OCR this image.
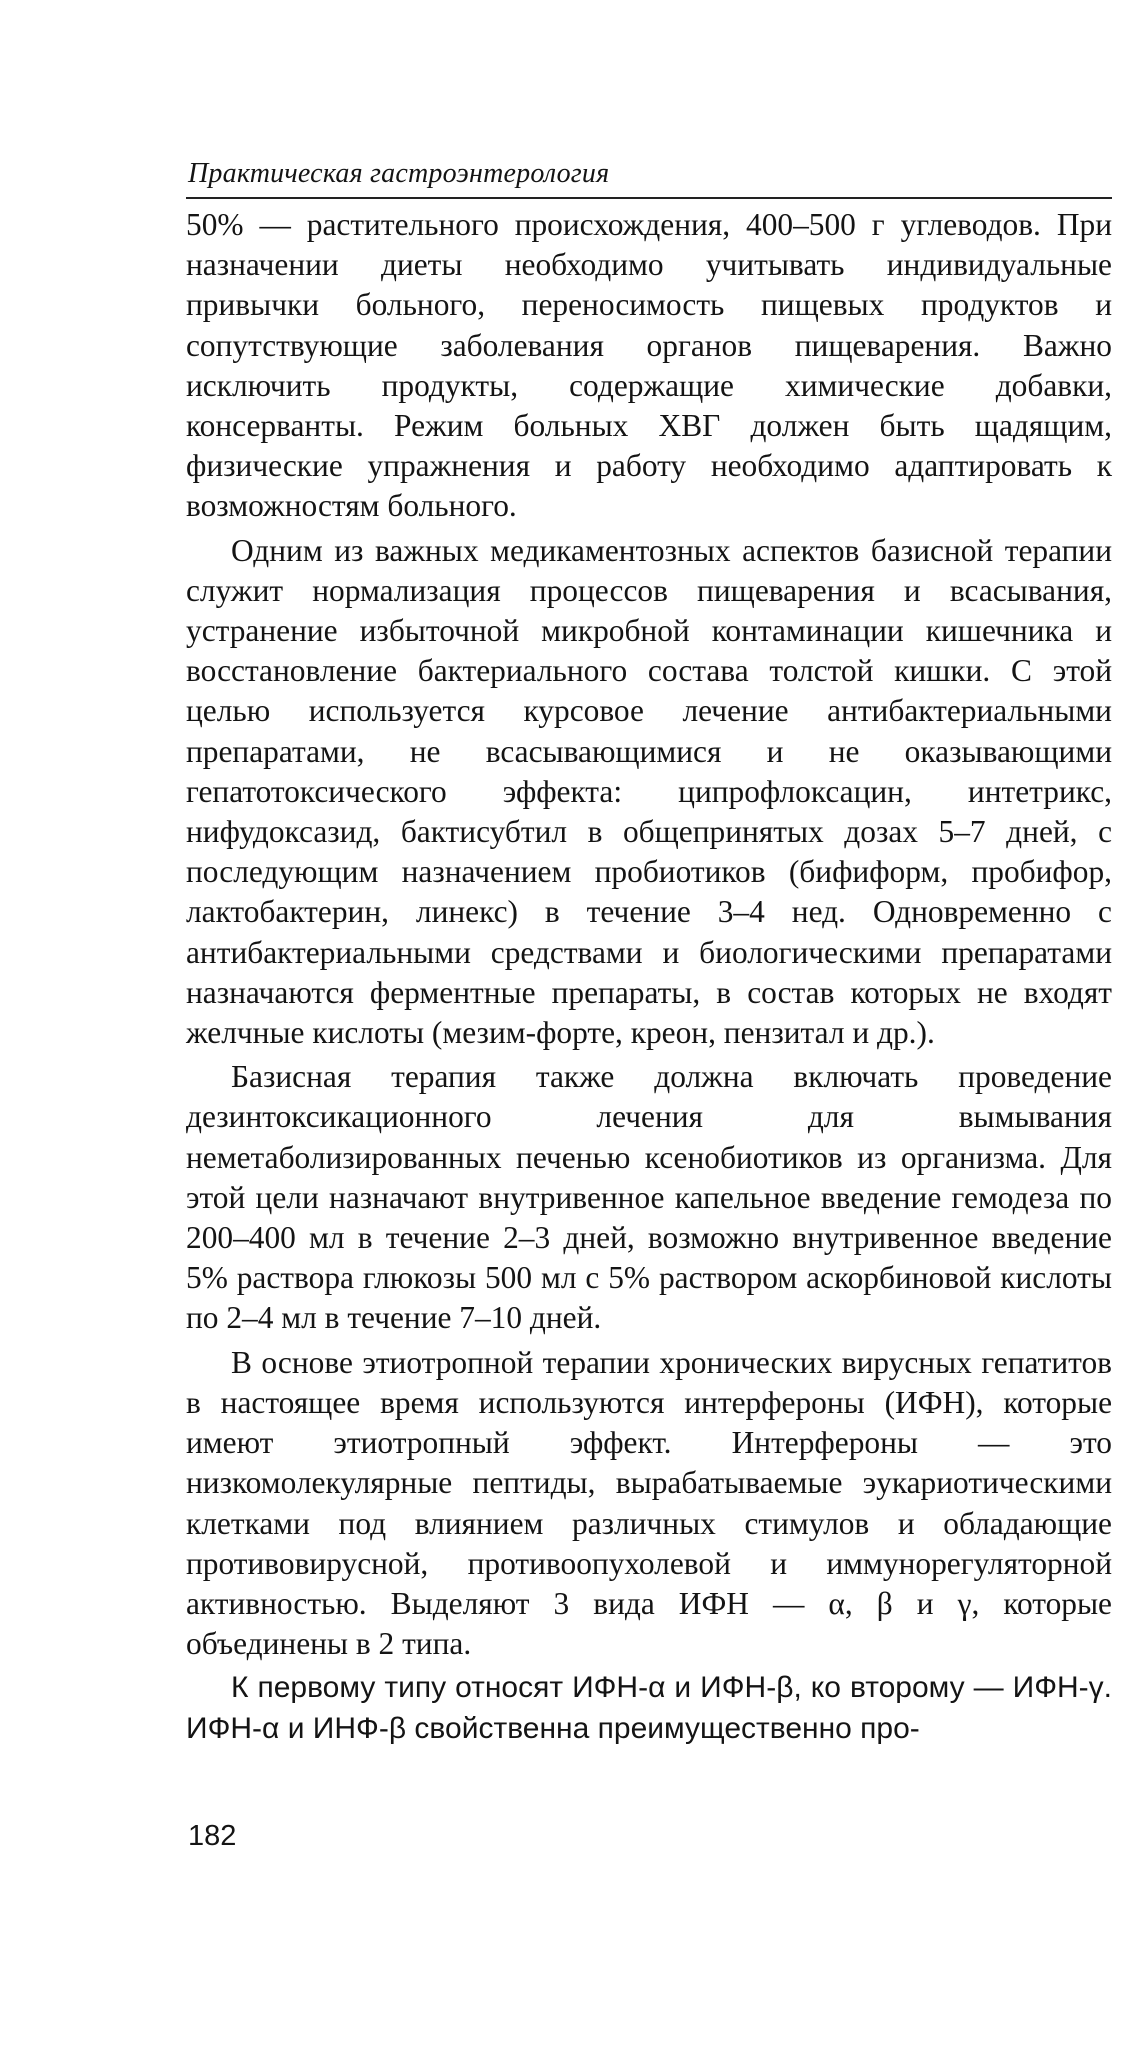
Практическая гастроэнтерология

50% — растительного происхождения, 400–500 г углеводов. При назначении диеты необходимо учитывать индивидуальные привычки больного, переносимость пищевых продуктов и сопутствующие заболевания органов пищеварения. Важно исключить продукты, содержащие химические добавки, консерванты. Режим больных ХВГ должен быть щадящим, физические упражнения и работу необходимо адаптировать к возможностям больного.

Одним из важных медикаментозных аспектов базисной терапии служит нормализация процессов пищеварения и всасывания, устранение избыточной микробной контаминации кишечника и восстановление бактериального состава толстой кишки. С этой целью используется курсовое лечение антибактериальными препаратами, не всасывающимися и не оказывающими гепатотоксического эффекта: ципрофлоксацин, интетрикс, нифудоксазид, бактисубтил в общепринятых дозах 5–7 дней, с последующим назначением пробиотиков (бифиформ, пробифор, лактобактерин, линекс) в течение 3–4 нед. Одновременно с антибактериальными средствами и биологическими препаратами назначаются ферментные препараты, в состав которых не входят желчные кислоты (мезим-форте, креон, пензитал и др.).

Базисная терапия также должна включать проведение дезинтоксикационного лечения для вымывания неметаболизированных печенью ксенобиотиков из организма. Для этой цели назначают внутривенное капельное введение гемодеза по 200–400 мл в течение 2–3 дней, возможно внутривенное введение 5% раствора глюкозы 500 мл с 5% раствором аскорбиновой кислоты по 2–4 мл в течение 7–10 дней.

В основе этиотропной терапии хронических вирусных гепатитов в настоящее время используются интерфероны (ИФН), которые имеют этиотропный эффект. Интерфероны — это низкомолекулярные пептиды, вырабатываемые эукариотическими клетками под влиянием различных стимулов и обладающие противовирусной, противоопухолевой и иммунорегуляторной активностью. Выделяют 3 вида ИФН — α, β и γ, которые объединены в 2 типа.

К первому типу относят ИФН-α и ИФН-β, ко второму — ИФН-γ. ИФН-α и ИНФ-β свойственна преимущественно про-

182
